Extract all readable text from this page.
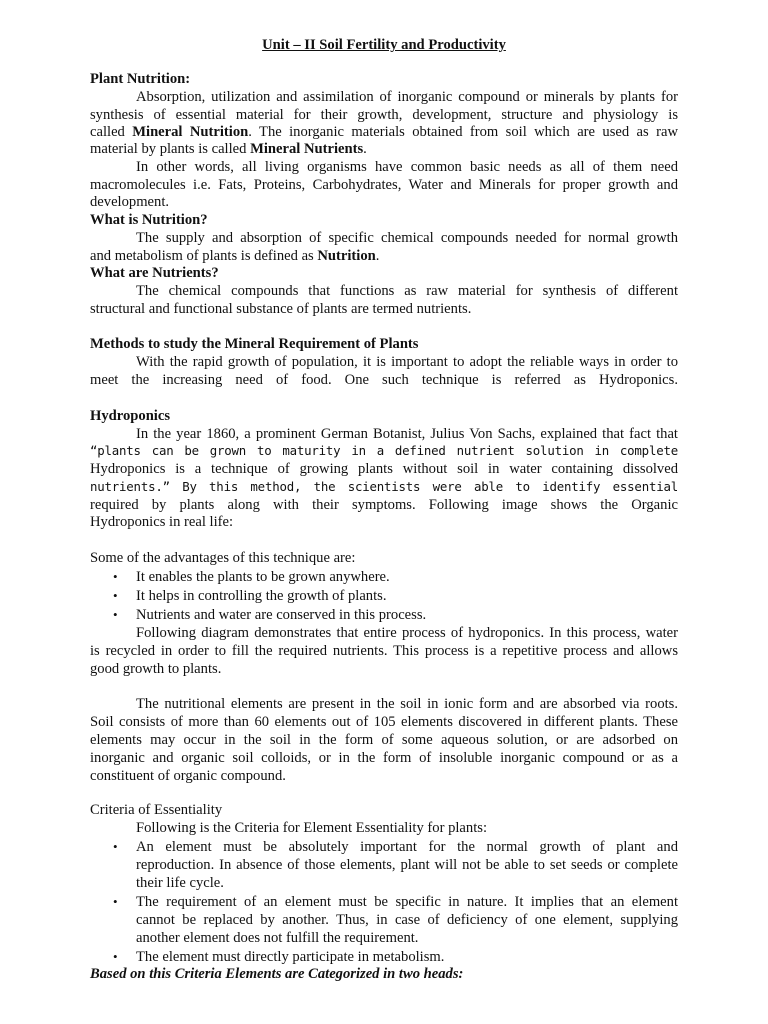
Unit – II Soil Fertility and Productivity
Plant Nutrition:
Absorption, utilization and assimilation of inorganic compound or minerals by plants for
synthesis of essential material for their growth, development, structure and physiology is
called Mineral Nutrition. The inorganic materials obtained from soil which are used as raw
material by plants is called Mineral Nutrients.
In other words, all living organisms have common basic needs as all of them need
macromolecules i.e. Fats, Proteins, Carbohydrates, Water and Minerals for proper growth and
development.
What is Nutrition?
The supply and absorption of specific chemical compounds needed for normal growth
and metabolism of plants is defined as Nutrition.
What are Nutrients?
The chemical compounds that functions as raw material for synthesis of different
structural and functional substance of plants are termed nutrients.
Methods to study the Mineral Requirement of Plants
With the rapid growth of population, it is important to adopt the reliable ways in order to
meet the increasing need of food. One such technique is referred as Hydroponics.
Hydroponics
In the year 1860, a prominent German Botanist, Julius Von Sachs, explained that fact that
“plants can be grown to maturity in a defined nutrient solution in complete
Hydroponics is a technique of growing plants without soil in water containing dissolved
nutrients.” By this method, the scientists were able to identify essential
required by plants along with their symptoms. Following image shows the Organic
Hydroponics in real life:
Some of the advantages of this technique are:
• It enables the plants to be grown anywhere.
• It helps in controlling the growth of plants.
• Nutrients and water are conserved in this process.
Following diagram demonstrates that entire process of hydroponics. In this process, water
is recycled in order to fill the required nutrients. This process is a repetitive process and allows
good growth to plants.
The nutritional elements are present in the soil in ionic form and are absorbed via roots.
Soil consists of more than 60 elements out of 105 elements discovered in different plants. These
elements may occur in the soil in the form of some aqueous solution, or are adsorbed on
inorganic and organic soil colloids, or in the form of insoluble inorganic compound or as a
constituent of organic compound.
Criteria of Essentiality
Following is the Criteria for Element Essentiality for plants:
• An element must be absolutely important for the normal growth of plant and
reproduction. In absence of those elements, plant will not be able to set seeds or complete
their life cycle.
• The requirement of an element must be specific in nature. It implies that an element
cannot be replaced by another. Thus, in case of deficiency of one element, supplying
another element does not fulfill the requirement.
• The element must directly participate in metabolism.
Based on this Criteria Elements are Categorized in two heads:
